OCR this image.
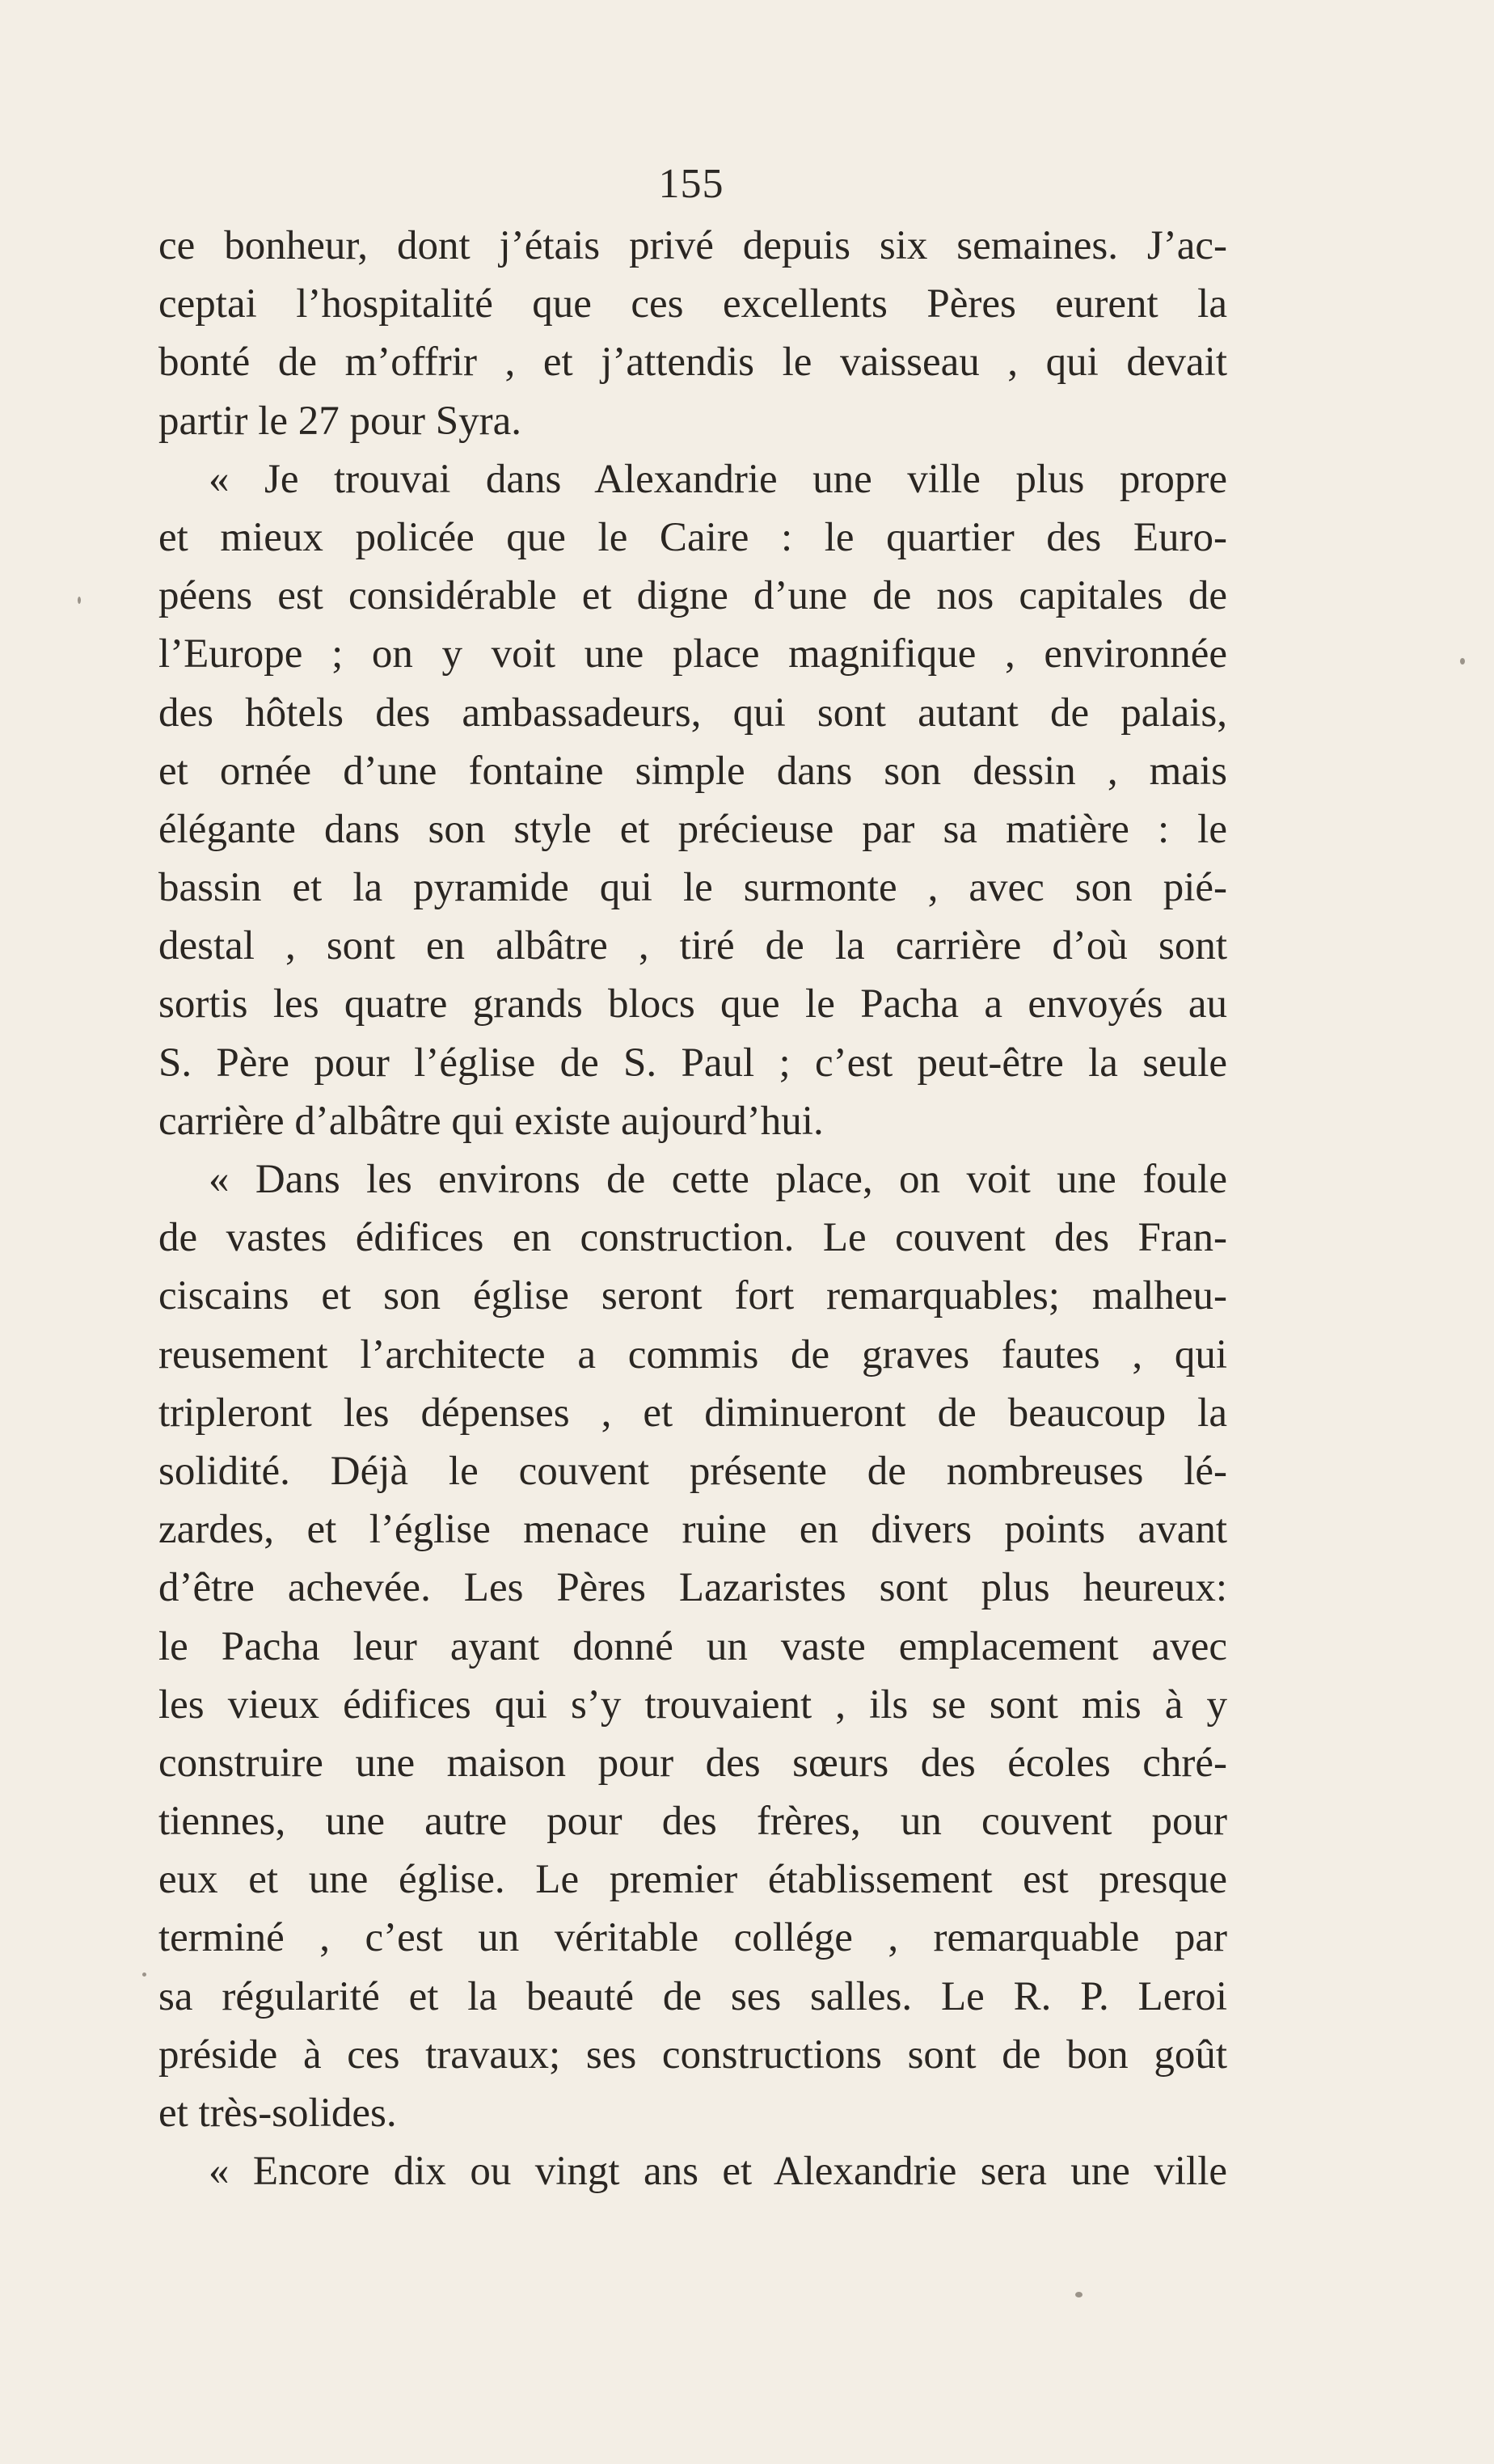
155
ce bonheur, dont j’étais privé depuis six semaines. J’ac-
ceptai l’hospitalité que ces excellents Pères eurent la
bonté de m’offrir , et j’attendis le vaisseau , qui devait
partir le 27 pour Syra.
« Je trouvai dans Alexandrie une ville plus propre
et mieux policée que le Caire : le quartier des Euro-
péens est considérable et digne d’une de nos capitales de
l’Europe ; on y voit une place magnifique , environnée
des hôtels des ambassadeurs, qui sont autant de palais,
et ornée d’une fontaine simple dans son dessin , mais
élégante dans son style et précieuse par sa matière : le
bassin et la pyramide qui le surmonte , avec son pié-
destal , sont en albâtre , tiré de la carrière d’où sont
sortis les quatre grands blocs que le Pacha a envoyés au
S. Père pour l’église de S. Paul ; c’est peut-être la seule
carrière d’albâtre qui existe aujourd’hui.
« Dans les environs de cette place, on voit une foule
de vastes édifices en construction. Le couvent des Fran-
ciscains et son église seront fort remarquables; malheu-
reusement l’architecte a commis de graves fautes , qui
tripleront les dépenses , et diminueront de beaucoup la
solidité. Déjà le couvent présente de nombreuses lé-
zardes, et l’église menace ruine en divers points avant
d’être achevée. Les Pères Lazaristes sont plus heureux:
le Pacha leur ayant donné un vaste emplacement avec
les vieux édifices qui s’y trouvaient , ils se sont mis à y
construire une maison pour des sœurs des écoles chré-
tiennes, une autre pour des frères, un couvent pour
eux et une église. Le premier établissement est presque
terminé , c’est un véritable collége , remarquable par
sa régularité et la beauté de ses salles. Le R. P. Leroi
préside à ces travaux; ses constructions sont de bon goût
et très-solides.
« Encore dix ou vingt ans et Alexandrie sera une ville
